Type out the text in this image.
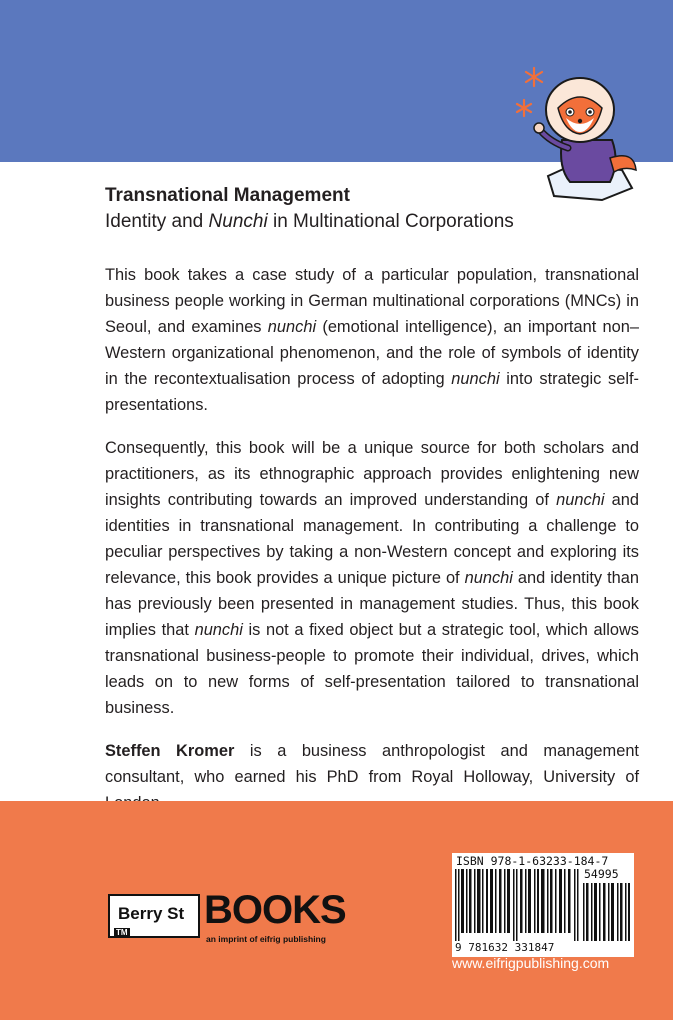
Transnational Management

Identity and Nunchi in Multinational Corporations

This book takes a case study of a particular population, transnational business people working in German multinational corporations (MNCs) in Seoul, and examines nunchi (emotional intelligence), an important non–Western organizational phenomenon, and the role of symbols of identity in the recontextualisation process of adopting nunchi into strategic self-presentations.

Consequently, this book will be a unique source for both scholars and practitioners, as its ethnographic approach provides enlightening new insights contributing towards an improved understanding of nunchi and identities in transnational management. In contributing a challenge to peculiar perspectives by taking a non-Western concept and exploring its relevance, this book provides a unique picture of nunchi and identity than has previously been presented in management studies. Thus, this book implies that nunchi is not a fixed object but a strategic tool, which allows transnational business-people to promote their individual, drives, which leads on to new forms of self-presentation tailored to transnational business.

Steffen Kromer is a business anthropologist and management consultant, who earned his PhD from Royal Holloway, University of

Berry St
TM
BOOKS
an imprint of eifrig publishing
ISBN 978-1-63233-184-7
54995
9 781632 331847
www.eifrigpublishing.com
